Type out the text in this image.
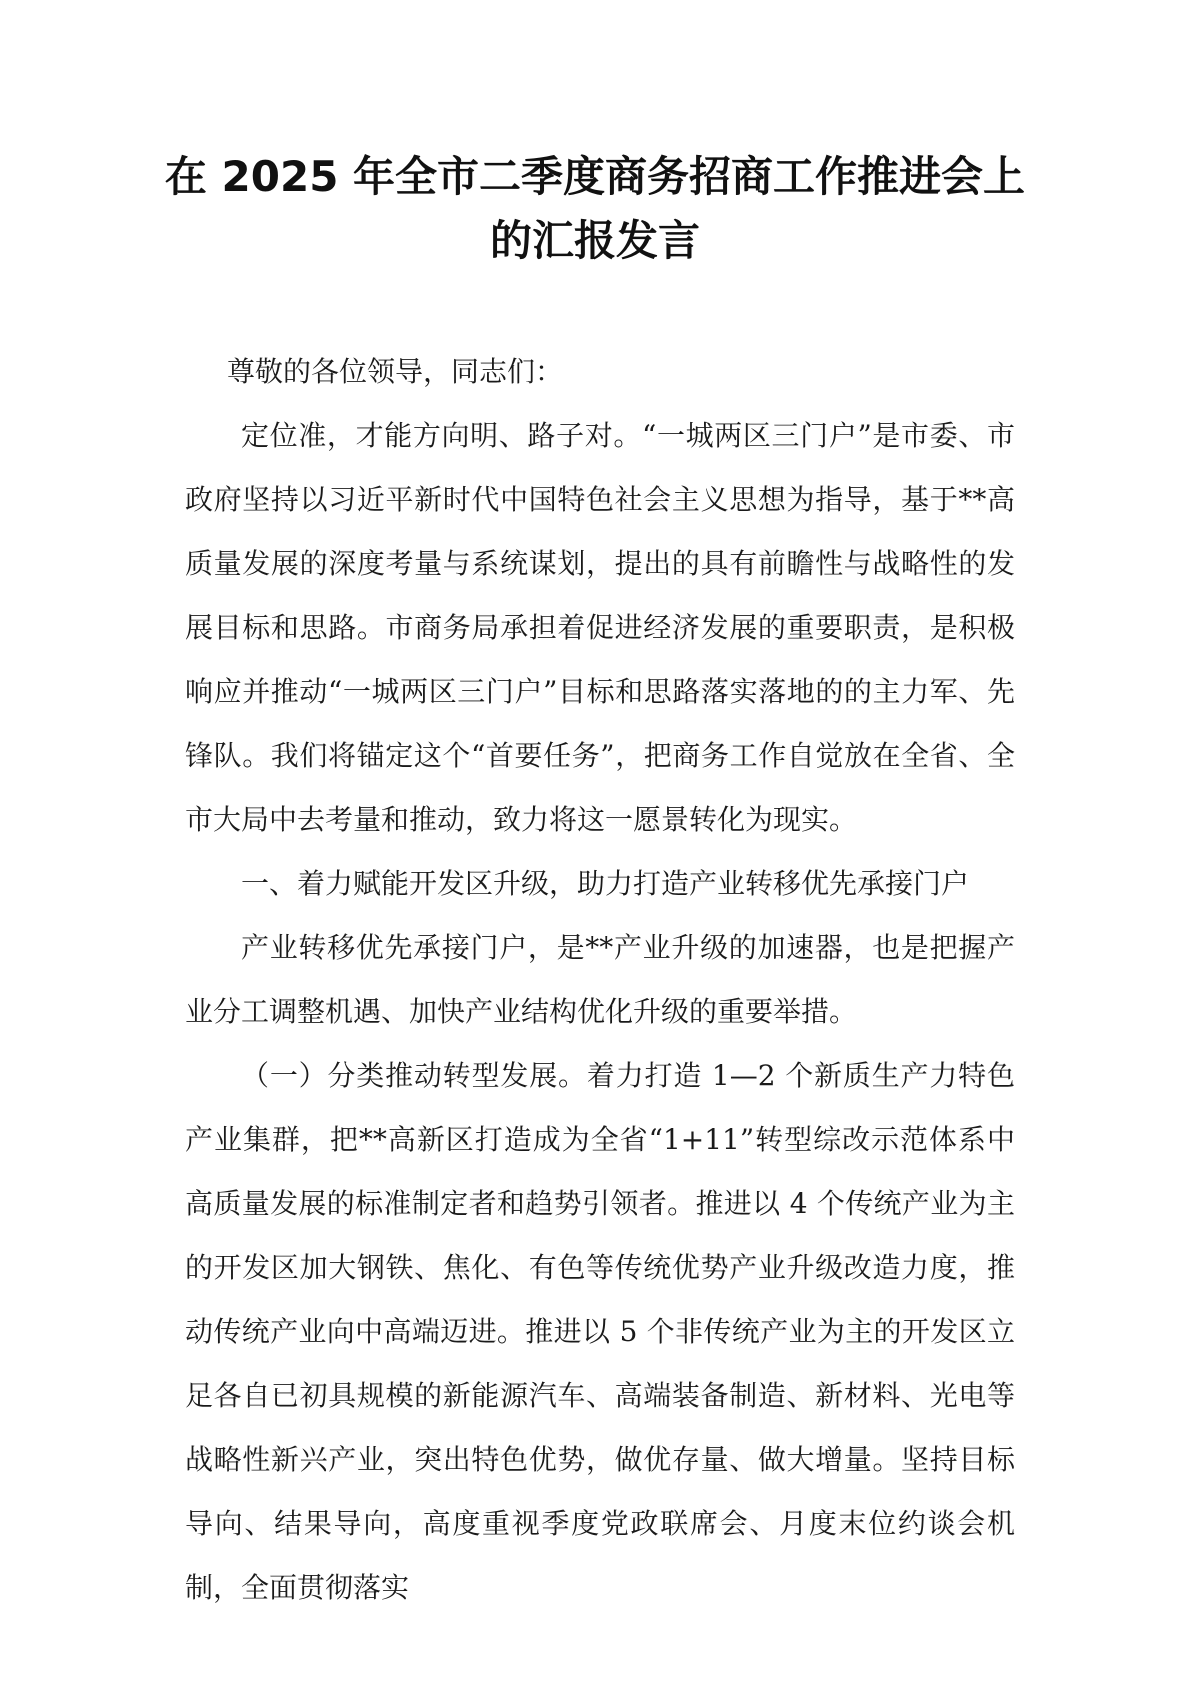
在 2025 年全市二季度商务招商工作推进会上的汇报发言

尊敬的各位领导，同志们：

定位准，才能方向明、路子对。“一城两区三门户”是市委、市政府坚持以习近平新时代中国特色社会主义思想为指导，基于**高质量发展的深度考量与系统谋划，提出的具有前瞻性与战略性的发展目标和思路。市商务局承担着促进经济发展的重要职责，是积极响应并推动“一城两区三门户”目标和思路落实落地的的主力军、先锋队。我们将锚定这个“首要任务”，把商务工作自觉放在全省、全市大局中去考量和推动，致力将这一愿景转化为现实。

一、着力赋能开发区升级，助力打造产业转移优先承接门户

产业转移优先承接门户，是**产业升级的加速器，也是把握产业分工调整机遇、加快产业结构优化升级的重要举措。

（一）分类推动转型发展。着力打造 1—2 个新质生产力特色产业集群，把**高新区打造成为全省“1+11”转型综改示范体系中高质量发展的标准制定者和趋势引领者。推进以 4 个传统产业为主的开发区加大钢铁、焦化、有色等传统优势产业升级改造力度，推动传统产业向中高端迈进。推进以 5 个非传统产业为主的开发区立足各自已初具规模的新能源汽车、高端装备制造、新材料、光电等战略性新兴产业，突出特色优势，做优存量、做大增量。坚持目标导向、结果导向，高度重视季度党政联席会、月度末位约谈会机制，全面贯彻落实
